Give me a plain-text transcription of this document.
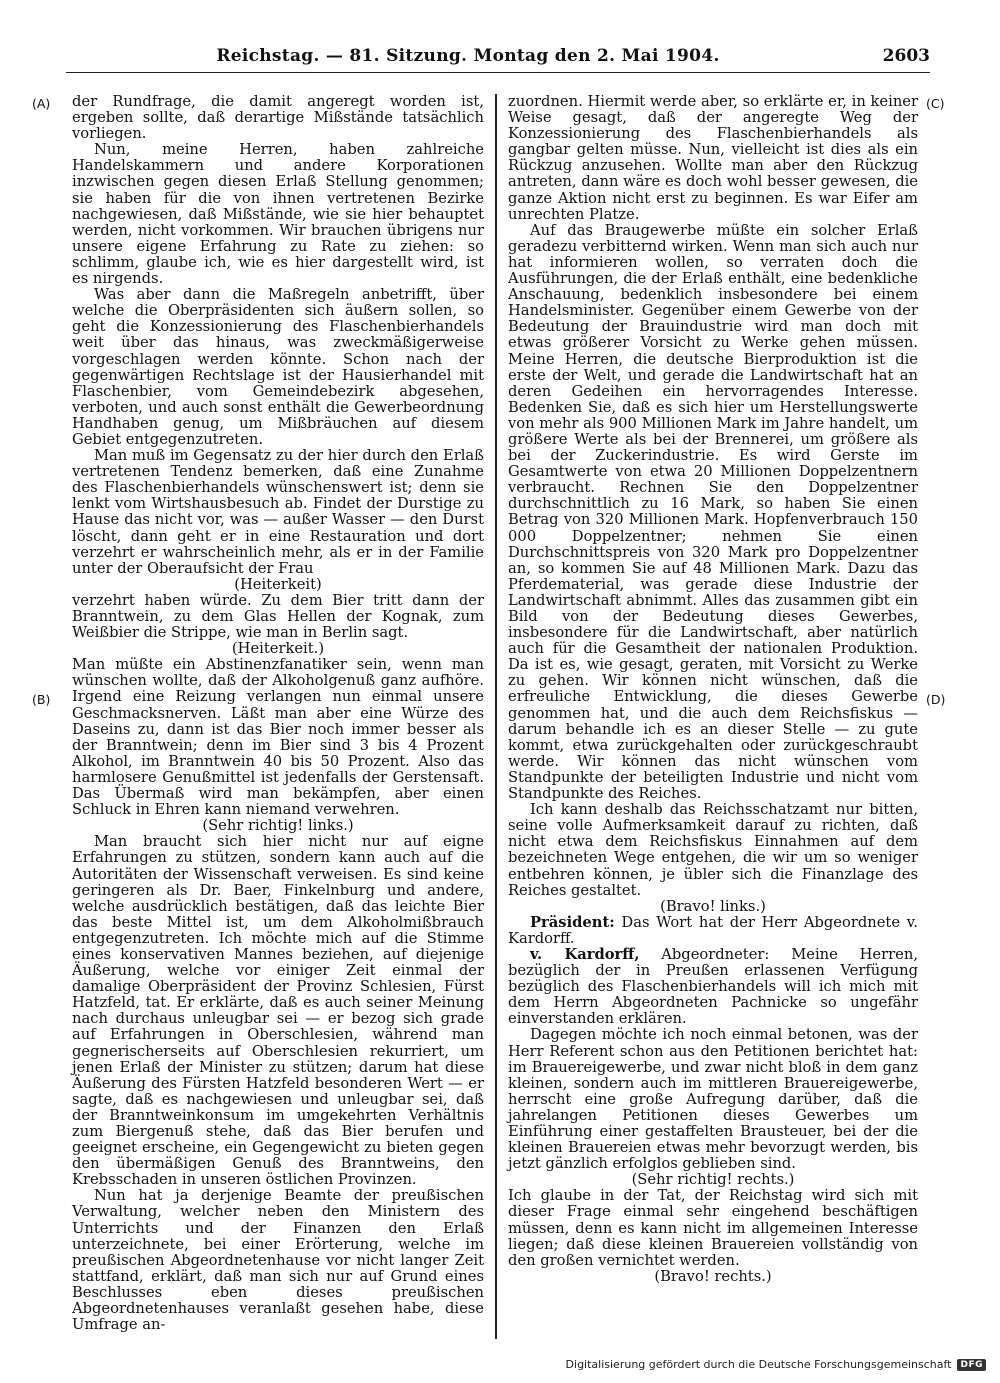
Reichstag. — 81. Sitzung. Montag den 2. Mai 1904.	2603
(A)
(B)
(C)
(D)

der Rundfrage, die damit angeregt worden ist, ergeben sollte, daß derartige Mißstände tatsächlich vorliegen.

Nun, meine Herren, haben zahlreiche Handelskammern und andere Korporationen inzwischen gegen diesen Erlaß Stellung genommen; sie haben für die von ihnen vertretenen Bezirke nachgewiesen, daß Mißstände, wie sie hier behauptet werden, nicht vorkommen. Wir brauchen übrigens nur unsere eigene Erfahrung zu Rate zu ziehen: so schlimm, glaube ich, wie es hier dargestellt wird, ist es nirgends.

Was aber dann die Maßregeln anbetrifft, über welche die Oberpräsidenten sich äußern sollen, so geht die Konzessionierung des Flaschenbierhandels weit über das hinaus, was zweckmäßigerweise vorgeschlagen werden könnte. Schon nach der gegenwärtigen Rechtslage ist der Hausierhandel mit Flaschenbier, vom Gemeindebezirk abgesehen, verboten, und auch sonst enthält die Gewerbeordnung Handhaben genug, um Mißbräuchen auf diesem Gebiet entgegenzutreten.

Man muß im Gegensatz zu der hier durch den Erlaß vertretenen Tendenz bemerken, daß eine Zunahme des Flaschenbierhandels wünschenswert ist; denn sie lenkt vom Wirtshausbesuch ab. Findet der Durstige zu Hause das nicht vor, was — außer Wasser — den Durst löscht, dann geht er in eine Restauration und dort verzehrt er wahrscheinlich mehr, als er in der Familie unter der Oberaufsicht der Frau

(Heiterkeit)

verzehrt haben würde. Zu dem Bier tritt dann der Branntwein, zu dem Glas Hellen der Kognak, zum Weißbier die Strippe, wie man in Berlin sagt.

(Heiterkeit.)

Man müßte ein Abstinenzfanatiker sein, wenn man wünschen wollte, daß der Alkoholgenuß ganz aufhöre. Irgend eine Reizung verlangen nun einmal unsere Geschmacksnerven. Läßt man aber eine Würze des Daseins zu, dann ist das Bier noch immer besser als der Branntwein; denn im Bier sind 3 bis 4 Prozent Alkohol, im Branntwein 40 bis 50 Prozent. Also das harmlosere Genußmittel ist jedenfalls der Gerstensaft. Das Übermaß wird man bekämpfen, aber einen Schluck in Ehren kann niemand verwehren.

(Sehr richtig! links.)

Man braucht sich hier nicht nur auf eigne Erfahrungen zu stützen, sondern kann auch auf die Autoritäten der Wissenschaft verweisen. Es sind keine geringeren als Dr. Baer, Finkelnburg und andere, welche ausdrücklich bestätigen, daß das leichte Bier das beste Mittel ist, um dem Alkoholmißbrauch entgegenzutreten. Ich möchte mich auf die Stimme eines konservativen Mannes beziehen, auf diejenige Äußerung, welche vor einiger Zeit einmal der damalige Oberpräsident der Provinz Schlesien, Fürst Hatzfeld, tat. Er erklärte, daß es auch seiner Meinung nach durchaus unleugbar sei — er bezog sich grade auf Erfahrungen in Oberschlesien, während man gegnerischerseits auf Oberschlesien rekurriert, um jenen Erlaß der Minister zu stützen; darum hat diese Äußerung des Fürsten Hatzfeld besonderen Wert — er sagte, daß es nachgewiesen und unleugbar sei, daß der Branntweinkonsum im umgekehrten Verhältnis zum Biergenuß stehe, daß das Bier berufen und geeignet erscheine, ein Gegengewicht zu bieten gegen den übermäßigen Genuß des Branntweins, den Krebsschaden in unseren östlichen Provinzen.

Nun hat ja derjenige Beamte der preußischen Verwaltung, welcher neben den Ministern des Unterrichts und der Finanzen den Erlaß unterzeichnete, bei einer Erörterung, welche im preußischen Abgeordnetenhause vor nicht langer Zeit stattfand, erklärt, daß man sich nur auf Grund eines Beschlusses eben dieses preußischen Abgeordnetenhauses veranlaßt gesehen habe, diese Umfrage an-

zuordnen. Hiermit werde aber, so erklärte er, in keiner Weise gesagt, daß der angeregte Weg der Konzessionierung des Flaschenbierhandels als gangbar gelten müsse. Nun, vielleicht ist dies als ein Rückzug anzusehen. Wollte man aber den Rückzug antreten, dann wäre es doch wohl besser gewesen, die ganze Aktion nicht erst zu beginnen. Es war Eifer am unrechten Platze.

Auf das Braugewerbe müßte ein solcher Erlaß geradezu verbitternd wirken. Wenn man sich auch nur hat informieren wollen, so verraten doch die Ausführungen, die der Erlaß enthält, eine bedenkliche Anschauung, bedenklich insbesondere bei einem Handelsminister. Gegenüber einem Gewerbe von der Bedeutung der Brauindustrie wird man doch mit etwas größerer Vorsicht zu Werke gehen müssen. Meine Herren, die deutsche Bierproduktion ist die erste der Welt, und gerade die Landwirtschaft hat an deren Gedeihen ein hervorragendes Interesse. Bedenken Sie, daß es sich hier um Herstellungswerte von mehr als 900 Millionen Mark im Jahre handelt, um größere Werte als bei der Brennerei, um größere als bei der Zuckerindustrie. Es wird Gerste im Gesamtwerte von etwa 20 Millionen Doppelzentnern verbraucht. Rechnen Sie den Doppelzentner durchschnittlich zu 16 Mark, so haben Sie einen Betrag von 320 Millionen Mark. Hopfenverbrauch 150 000 Doppelzentner; nehmen Sie einen Durchschnittspreis von 320 Mark pro Doppelzentner an, so kommen Sie auf 48 Millionen Mark. Dazu das Pferdematerial, was gerade diese Industrie der Landwirtschaft abnimmt. Alles das zusammen gibt ein Bild von der Bedeutung dieses Gewerbes, insbesondere für die Landwirtschaft, aber natürlich auch für die Gesamtheit der nationalen Produktion. Da ist es, wie gesagt, geraten, mit Vorsicht zu Werke zu gehen. Wir können nicht wünschen, daß die erfreuliche Entwicklung, die dieses Gewerbe genommen hat, und die auch dem Reichsfiskus — darum behandle ich es an dieser Stelle — zu gute kommt, etwa zurückgehalten oder zurückgeschraubt werde. Wir können das nicht wünschen vom Standpunkte der beteiligten Industrie und nicht vom Standpunkte des Reiches.

Ich kann deshalb das Reichsschatzamt nur bitten, seine volle Aufmerksamkeit darauf zu richten, daß nicht etwa dem Reichsfiskus Einnahmen auf dem bezeichneten Wege entgehen, die wir um so weniger entbehren können, je übler sich die Finanzlage des Reiches gestaltet.

(Bravo! links.)

Präsident: Das Wort hat der Herr Abgeordnete v. Kardorff.

v. Kardorff, Abgeordneter: Meine Herren, bezüglich der in Preußen erlassenen Verfügung bezüglich des Flaschenbierhandels will ich mich mit dem Herrn Abgeordneten Pachnicke so ungefähr einverstanden erklären.

Dagegen möchte ich noch einmal betonen, was der Herr Referent schon aus den Petitionen berichtet hat: im Brauereigewerbe, und zwar nicht bloß in dem ganz kleinen, sondern auch im mittleren Brauereigewerbe, herrscht eine große Aufregung darüber, daß die jahrelangen Petitionen dieses Gewerbes um Einführung einer gestaffelten Brausteuer, bei der die kleinen Brauereien etwas mehr bevorzugt werden, bis jetzt gänzlich erfolglos geblieben sind.

(Sehr richtig! rechts.)

Ich glaube in der Tat, der Reichstag wird sich mit dieser Frage einmal sehr eingehend beschäftigen müssen, denn es kann nicht im allgemeinen Interesse liegen; daß diese kleinen Brauereien vollständig von den großen vernichtet werden.

(Bravo! rechts.)

Digitalisierung gefördert durch die Deutsche Forschungsgemeinschaft	DFG
